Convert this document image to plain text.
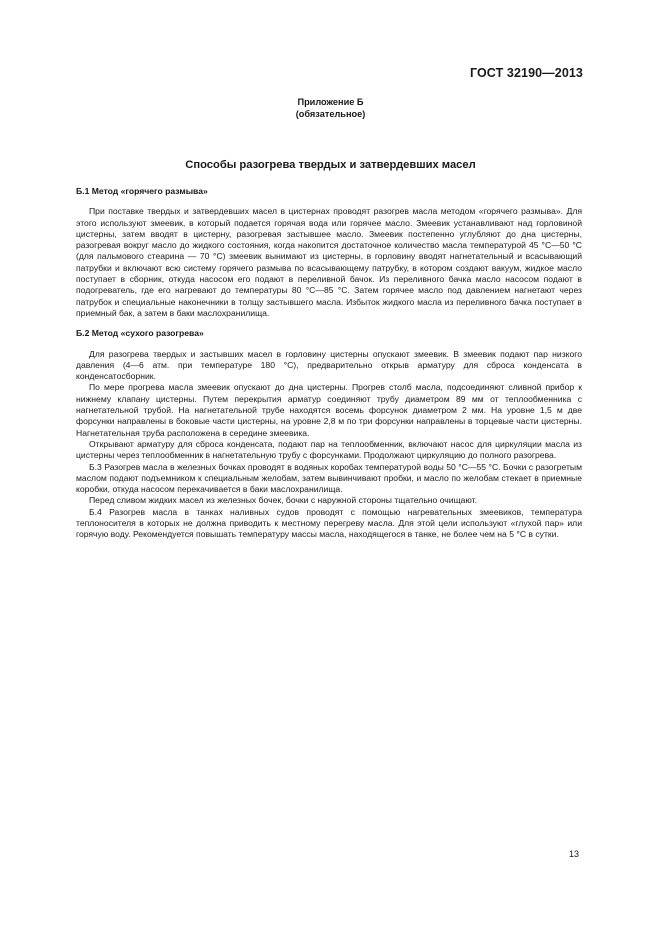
ГОСТ 32190—2013
Приложение Б
(обязательное)
Способы разогрева твердых и затвердевших масел

Б.1 Метод «горячего размыва»

При поставке твердых и затвердевших масел в цистернах проводят разогрев масла методом «горячего размыва». Для этого используют змеевик, в который подается горячая вода или горячее масло. Змеевик устанавливают над горловиной цистерны, затем вводят в цистерну, разогревая застывшее масло. Змеевик постепенно углубляют до дна цистерны, разогревая вокруг масло до жидкого состояния, когда накопится достаточное количество масла температурой 45 °С—50 °С (для пальмового стеарина — 70 °С) змеевик вынимают из цистерны, в горловину вводят нагнетательный и всасывающий патрубки и включают всю систему горячего размыва по всасывающему патрубку, в котором создают вакуум, жидкое масло поступает в сборник, откуда насосом его подают в переливной бачок. Из переливного бачка масло насосом подают в подогреватель, где его нагревают до температуры 80 °С—85 °С. Затем горячее масло под давлением нагнетают через патрубок и специальные наконечники в толщу застывшего масла. Избыток жидкого масла из переливного бачка поступает в приемный бак, а затем в баки маслохранилища.

Б.2 Метод «сухого разогрева»

Для разогрева твердых и застывших масел в горловину цистерны опускают змеевик. В змеевик подают пар низкого давления (4—6 атм. при температуре 180 °С), предварительно открыв арматуру для сброса конденсата в конденсатосборник.

По мере прогрева масла змеевик опускают до дна цистерны. Прогрев столб масла, подсоединяют сливной прибор к нижнему клапану цистерны. Путем перекрытия арматур соединяют трубу диаметром 89 мм от теплообменника с нагнетательной трубой. На нагнетательной трубе находятся восемь форсунок диаметром 2 мм. На уровне 1,5 м две форсунки направлены в боковые части цистерны, на уровне 2,8 м по три форсунки направлены в торцевые части цистерны. Нагнетательная труба расположена в середине змеевика.

Открывают арматуру для сброса конденсата, подают пар на теплообменник, включают насос для циркуляции масла из цистерны через теплообменник в нагнетательную трубу с форсунками. Продолжают циркуляцию до полного разогрева.

Б.3 Разогрев масла в железных бочках проводят в водяных коробах температурой воды 50 °С—55 °С. Бочки с разогретым маслом подают подъемником к специальным желобам, затем вывинчивают пробки, и масло по желобам стекает в приемные коробки, откуда насосом перекачивается в баки маслохранилища.

Перед сливом жидких масел из железных бочек, бочки с наружной стороны тщательно очищают.

Б.4 Разогрев масла в танках наливных судов проводят с помощью нагревательных змеевиков, температура теплоносителя в которых не должна приводить к местному перегреву масла. Для этой цели используют «глухой пар» или горячую воду. Рекомендуется повышать температуру массы масла, находящегося в танке, не более чем на 5 °С в сутки.

13
